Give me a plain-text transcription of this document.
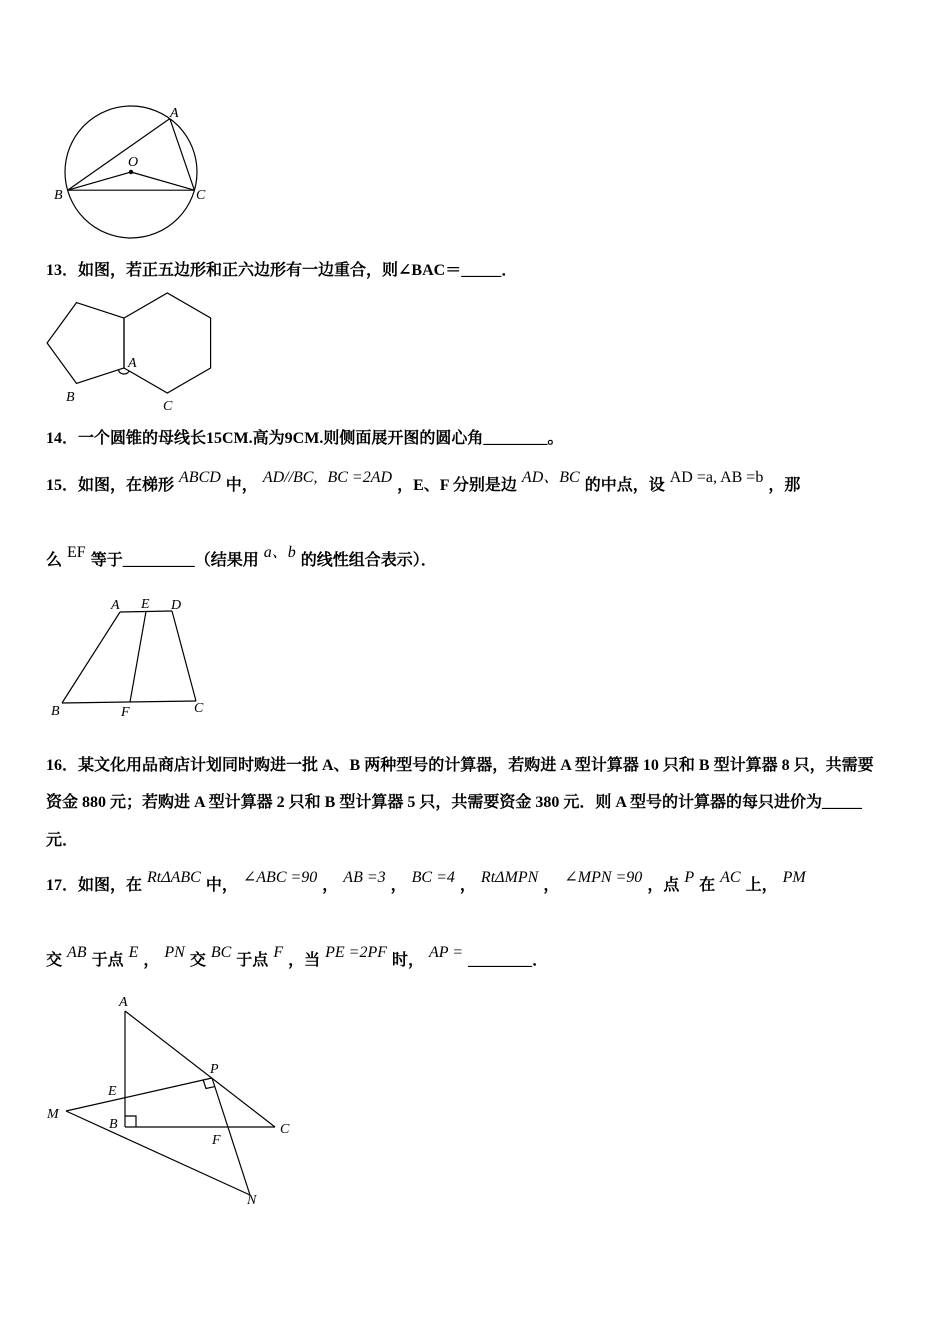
A
O
B	C
13．如图，若正五边形和正六边形有一边重合，则∠BAC＝_____．
A
B
C
14．一个圆锥的母线长15CM.高为9CM.则侧面展开图的圆心角________。
15．如图，在梯形 ABCD 中， AD//BC, BC =2AD ，E、F 分别是边 AD、BC 的中点，设 AD =a, AB =b ，那
么 EF 等于_________（结果用 a、b 的线性组合表示）．
A E D
B	F	C
16．某文化用品商店计划同时购进一批 A、B 两种型号的计算器，若购进 A 型计算器 10 只和 B 型计算器 8 只，共需要
资金 880 元；若购进 A 型计算器 2 只和 B 型计算器 5 只，共需要资金 380 元．则 A 型号的计算器的每只进价为_____
元．
17．如图，在 RtΔABC 中， ∠ABC =90 ， AB =3 ， BC =4 ， RtΔMPN ， ∠MPN =90 ，点 P 在 AC 上， PM
交 AB 于点 E ， PN 交 BC 于点 F ，当 PE =2PF 时， AP = ________．
A
P
E
M
B	C
F
N
